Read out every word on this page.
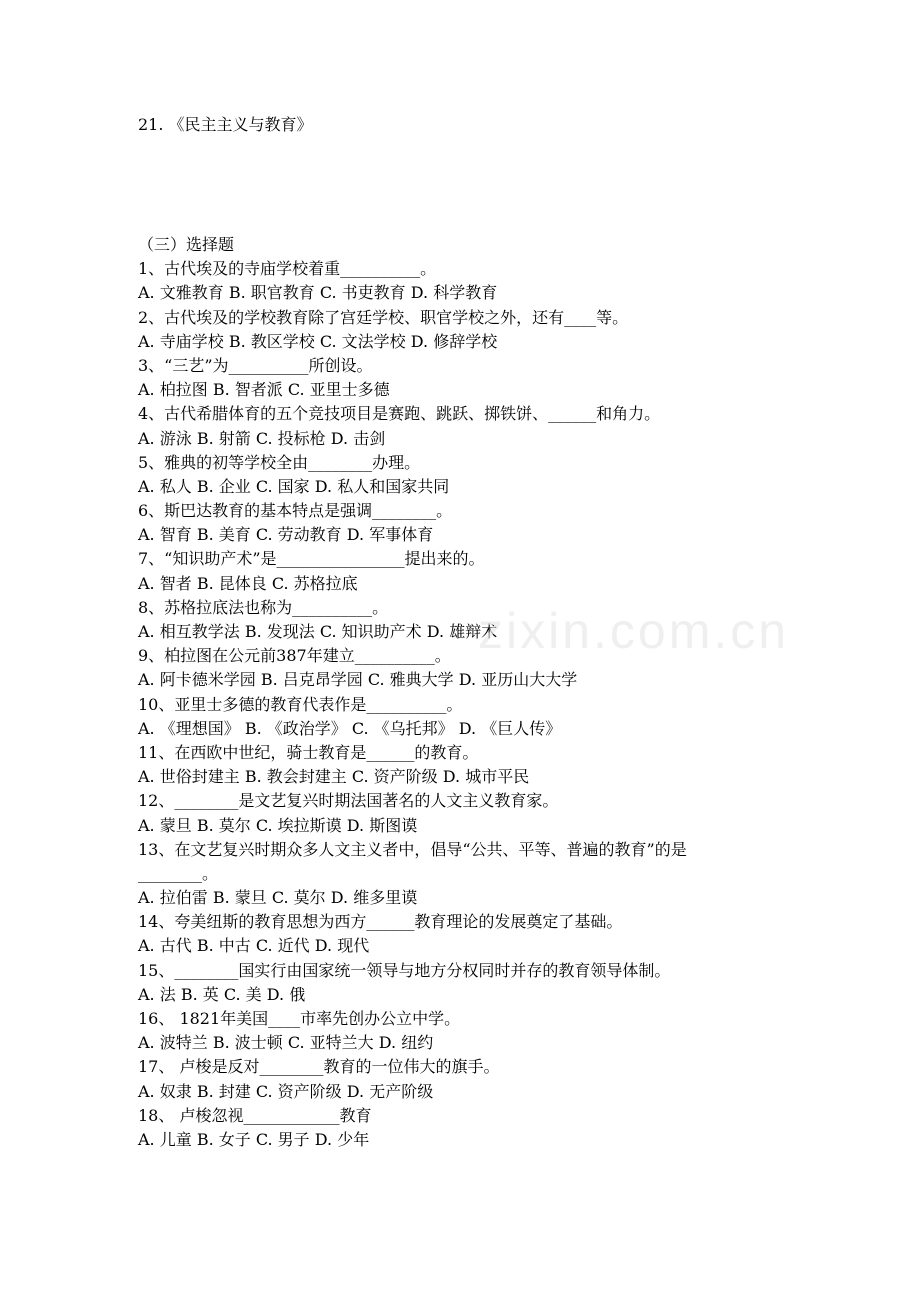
21. 《民主主义与教育》
（三）选择题
1、古代埃及的寺庙学校着重__________。
A. 文雅教育 B. 职官教育 C. 书吏教育 D. 科学教育
2、古代埃及的学校教育除了宫廷学校、职官学校之外，还有____等。
A. 寺庙学校 B. 教区学校 C. 文法学校 D. 修辞学校
3、“三艺”为__________所创设。
A. 柏拉图 B. 智者派 C. 亚里士多德
4、古代希腊体育的五个竞技项目是赛跑、跳跃、掷铁饼、______和角力。
A. 游泳 B. 射箭 C. 投标枪 D. 击剑
5、雅典的初等学校全由________办理。
A. 私人 B. 企业 C. 国家 D. 私人和国家共同
6、斯巴达教育的基本特点是强调________。
A. 智育 B. 美育 C. 劳动教育 D. 军事体育
7、“知识助产术”是________________提出来的。
A. 智者 B. 昆体良 C. 苏格拉底
8、苏格拉底法也称为__________。
A. 相互教学法 B. 发现法 C. 知识助产术 D. 雄辩术
9、柏拉图在公元前387年建立__________。
A. 阿卡德米学园 B. 吕克昂学园 C. 雅典大学 D. 亚历山大大学
10、亚里士多德的教育代表作是__________。
A. 《理想国》 B. 《政治学》 C. 《乌托邦》 D. 《巨人传》
11、在西欧中世纪，骑士教育是______的教育。
A. 世俗封建主 B. 教会封建主 C. 资产阶级 D. 城市平民
12、________是文艺复兴时期法国著名的人文主义教育家。
A. 蒙旦 B. 莫尔 C. 埃拉斯谟 D. 斯图谟
13、在文艺复兴时期众多人文主义者中，倡导“公共、平等、普遍的教育”的是
________。
A. 拉伯雷 B. 蒙旦 C. 莫尔 D. 维多里谟
14、夸美纽斯的教育思想为西方______教育理论的发展奠定了基础。
A. 古代 B. 中古 C. 近代 D. 现代
15、________国实行由国家统一领导与地方分权同时并存的教育领导体制。
A. 法 B. 英 C. 美 D. 俄
16、 1821年美国____市率先创办公立中学。
A. 波特兰 B. 波士顿 C. 亚特兰大 D. 纽约
17、 卢梭是反对________教育的一位伟大的旗手。
A. 奴隶 B. 封建 C. 资产阶级 D. 无产阶级
18、 卢梭忽视____________教育
A. 儿童 B. 女子 C. 男子 D. 少年
zixin.com.cn
